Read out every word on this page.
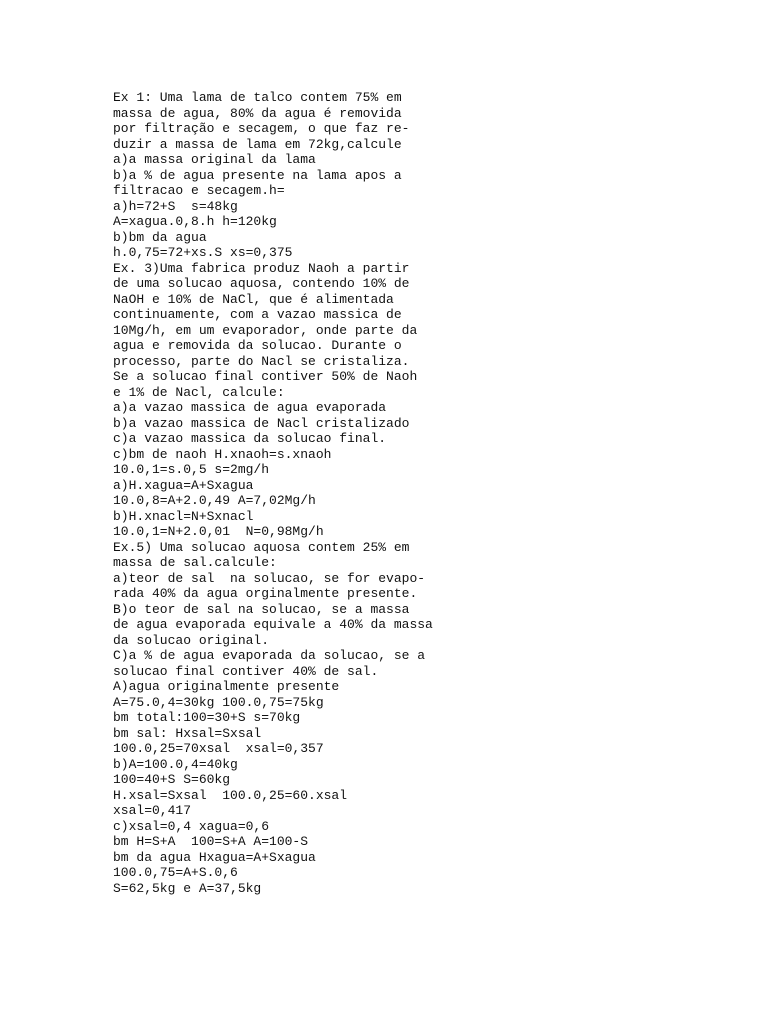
Ex 1: Uma lama de talco contem 75% em
massa de agua, 80% da agua é removida
por filtração e secagem, o que faz re-
duzir a massa de lama em 72kg,calcule
a)a massa original da lama
b)a % de agua presente na lama apos a
filtracao e secagem.h=
a)h=72+S  s=48kg
A=xagua.0,8.h h=120kg
b)bm da agua
h.0,75=72+xs.S xs=0,375
Ex. 3)Uma fabrica produz Naoh a partir
de uma solucao aquosa, contendo 10% de
NaOH e 10% de NaCl, que é alimentada
continuamente, com a vazao massica de
10Mg/h, em um evaporador, onde parte da
agua e removida da solucao. Durante o
processo, parte do Nacl se cristaliza.
Se a solucao final contiver 50% de Naoh
e 1% de Nacl, calcule:
a)a vazao massica de agua evaporada
b)a vazao massica de Nacl cristalizado
c)a vazao massica da solucao final.
c)bm de naoh H.xnaoh=s.xnaoh
10.0,1=s.0,5 s=2mg/h
a)H.xagua=A+Sxagua
10.0,8=A+2.0,49 A=7,02Mg/h
b)H.xnacl=N+Sxnacl
10.0,1=N+2.0,01  N=0,98Mg/h
Ex.5) Uma solucao aquosa contem 25% em
massa de sal.calcule:
a)teor de sal  na solucao, se for evapo-
rada 40% da agua orginalmente presente.
B)o teor de sal na solucao, se a massa
de agua evaporada equivale a 40% da massa
da solucao original.
C)a % de agua evaporada da solucao, se a
solucao final contiver 40% de sal.
A)agua originalmente presente
A=75.0,4=30kg 100.0,75=75kg
bm total:100=30+S s=70kg
bm sal: Hxsal=Sxsal
100.0,25=70xsal  xsal=0,357
b)A=100.0,4=40kg
100=40+S S=60kg
H.xsal=Sxsal  100.0,25=60.xsal
xsal=0,417
c)xsal=0,4 xagua=0,6
bm H=S+A  100=S+A A=100-S
bm da agua Hxagua=A+Sxagua
100.0,75=A+S.0,6
S=62,5kg e A=37,5kg
